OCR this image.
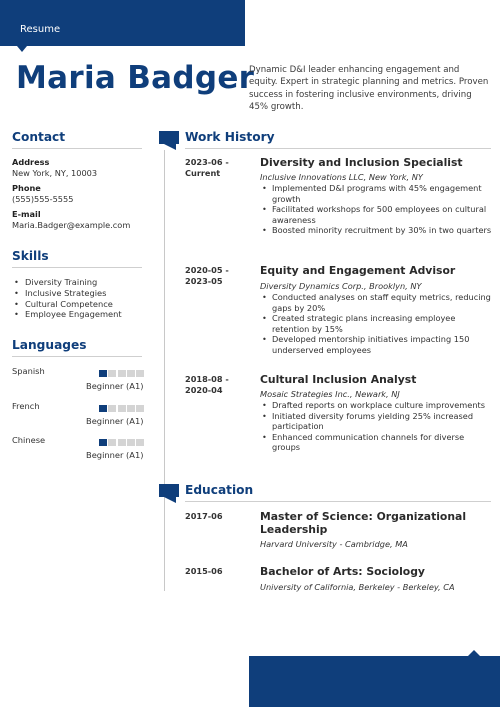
Resume
Maria Badger
Dynamic D&I leader enhancing engagement and equity. Expert in strategic planning and metrics. Proven success in fostering inclusive environments, driving 45% growth.
Contact
Address
New York, NY, 10003
Phone
(555)555-5555
E-mail
Maria.Badger@example.com
Skills
• Diversity Training
• Inclusive Strategies
• Cultural Competence
• Employee Engagement
Languages
Spanish
Beginner (A1)
French
Beginner (A1)
Chinese
Beginner (A1)
Work History
2023-06 -
Current
Diversity and Inclusion Specialist
Inclusive Innovations LLC, New York, NY
• Implemented D&I programs with 45% engagement growth
• Facilitated workshops for 500 employees on cultural awareness
• Boosted minority recruitment by 30% in two quarters
2020-05 -
2023-05
Equity and Engagement Advisor
Diversity Dynamics Corp., Brooklyn, NY
• Conducted analyses on staff equity metrics, reducing gaps by 20%
• Created strategic plans increasing employee retention by 15%
• Developed mentorship initiatives impacting 150 underserved employees
2018-08 -
2020-04
Cultural Inclusion Analyst
Mosaic Strategies Inc., Newark, NJ
• Drafted reports on workplace culture improvements
• Initiated diversity forums yielding 25% increased participation
• Enhanced communication channels for diverse groups
Education
2017-06	Master of Science: Organizational Leadership
Harvard University - Cambridge, MA
2015-06	Bachelor of Arts: Sociology
University of California, Berkeley - Berkeley, CA
